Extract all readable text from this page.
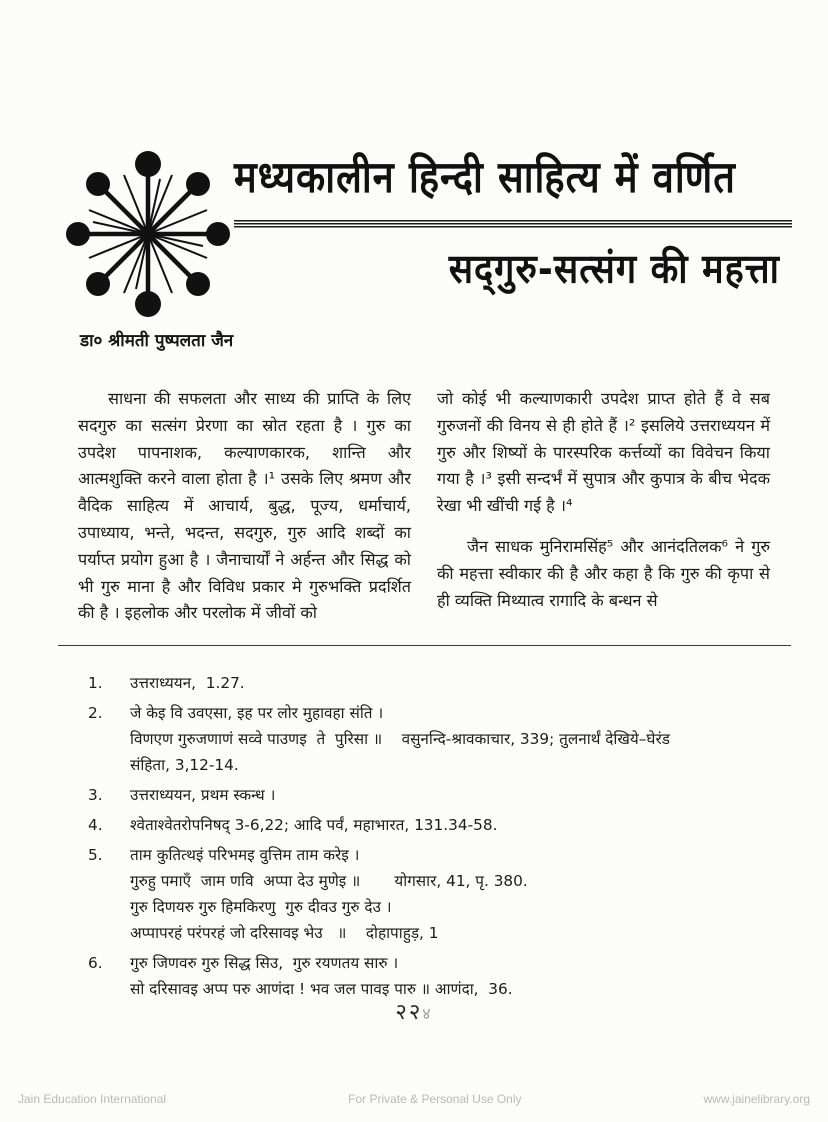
मध्यकालीन हिन्दी साहित्य में वर्णित
सद्‌गुरु-सत्संग की महत्ता
डा० श्रीमती पुष्पलता जैन

साधना की सफलता और साध्य की प्राप्ति के लिए सदगुरु का सत्संग प्रेरणा का स्रोत रहता है । गुरु का उपदेश पापनाशक, कल्याणकारक, शान्ति और आत्मशुक्ति करने वाला होता है ।¹ उसके लिए श्रमण और वैदिक साहित्य में आचार्य, बुद्ध, पूज्य, धर्माचार्य, उपाध्याय, भन्ते, भदन्त, सदगुरु, गुरु आदि शब्दों का पर्याप्त प्रयोग हुआ है । जैनाचार्यों ने अर्हन्त और सिद्ध को भी गुरु माना है और विविध प्रकार मे गुरुभक्ति प्रदर्शित की है । इहलोक और परलोक में जीवों को

जो कोई भी कल्याणकारी उपदेश प्राप्त होते हैं वे सब गुरुजनों की विनय से ही होते हैं ।² इसलिये उत्तराध्ययन में गुरु और शिष्यों के पारस्परिक कर्त्तव्यों का विवेचन किया गया है ।³ इसी सन्दर्भं में सुपात्र और कुपात्र के बीच भेदक रेखा भी खींची गई है ।⁴

जैन साधक मुनिरामसिंह⁵ और आनंदतिलक⁶ ने गुरु की महत्ता स्वीकार की है और कहा है कि गुरु की कृपा से ही व्यक्ति मिथ्यात्व रागादि के बन्धन से

1.	उत्तराध्ययन,  1.27.
2.	जे केइ वि उवएसा, इह पर लोर मुहावहा संति ।
विणएण गुरुजणाणं सव्वे पाउणइ  ते  पुरिसा ॥    वसुनन्दि-श्रावकाचार, 339; तुलनार्थं देखिये–घेरंड
संहिता, 3,12-14.
3.	उत्तराध्ययन, प्रथम स्कन्ध ।
4.	श्वेताश्वेतरोपनिषद् 3-6,22; आदि पर्वं, महाभारत, 131.34-58.
5.	ताम कुतित्थइं परिभमइ वुत्तिम ताम करेइ ।
गुरुहु पमाएँ  जाम णवि  अप्पा देउ मुणेइ ॥       योगसार, 41, पृ. 380.
गुरु दिणयरु गुरु हिमकिरणु  गुरु दीवउ गुरु देउ ।
अप्पापरहं परंपरहं जो दरिसावइ भेउ   ॥    दोहापाहुड़, 1
6.	गुरु जिणवरु गुरु सिद्ध सिउ,  गुरु रयणतय सारु ।
सो दरिसावइ अप्प परु आणंदा ! भव जल पावइ पारु ॥ आणंदा,  36.
२२४
Jain Education International	For Private & Personal Use Only	www.jainelibrary.org
